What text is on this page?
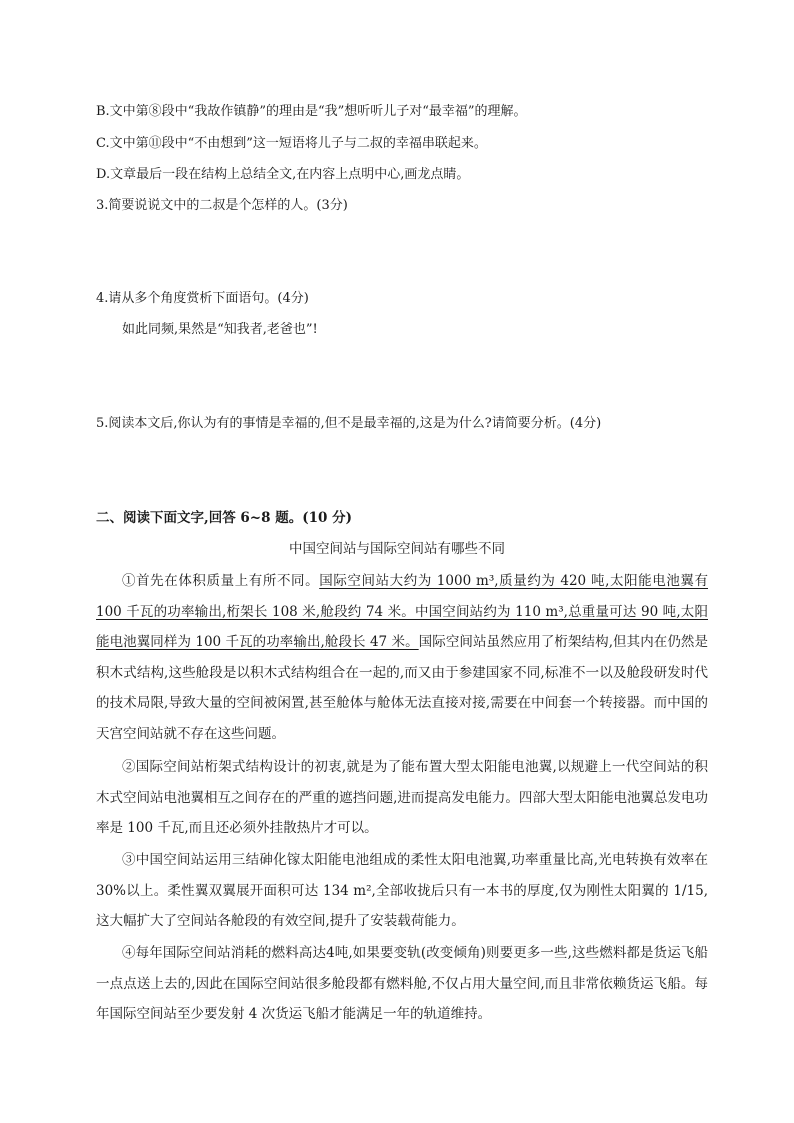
B.文中第⑧段中“我故作镇静”的理由是“我”想听听儿子对“最幸福”的理解。
C.文中第⑪段中“不由想到”这一短语将儿子与二叔的幸福串联起来。
D.文章最后一段在结构上总结全文,在内容上点明中心,画龙点睛。
3.简要说说文中的二叔是个怎样的人。(3分)
4.请从多个角度赏析下面语句。(4分)
如此同频,果然是“知我者,老爸也”!
5.阅读本文后,你认为有的事情是幸福的,但不是最幸福的,这是为什么?请简要分析。(4分)
二、阅读下面文字,回答 6~8 题。(10 分)
中国空间站与国际空间站有哪些不同
①首先在体积质量上有所不同。国际空间站大约为 1000 m³,质量约为 420 吨,太阳能电池翼有 100 千瓦的功率输出,桁架长 108 米,舱段约 74 米。中国空间站约为 110 m³,总重量可达 90 吨,太阳能电池翼同样为 100 千瓦的功率输出,舱段长 47 米。国际空间站虽然应用了桁架结构,但其内在仍然是积木式结构,这些舱段是以积木式结构组合在一起的,而又由于参建国家不同,标准不一以及舱段研发时代的技术局限,导致大量的空间被闲置,甚至舱体与舱体无法直接对接,需要在中间套一个转接器。而中国的天宫空间站就不存在这些问题。
②国际空间站桁架式结构设计的初衷,就是为了能布置大型太阳能电池翼,以规避上一代空间站的积木式空间站电池翼相互之间存在的严重的遮挡问题,进而提高发电能力。四部大型太阳能电池翼总发电功率是 100 千瓦,而且还必须外挂散热片才可以。
③中国空间站运用三结砷化镓太阳能电池组成的柔性太阳电池翼,功率重量比高,光电转换有效率在 30%以上。柔性翼双翼展开面积可达 134 m²,全部收拢后只有一本书的厚度,仅为刚性太阳翼的 1/15,这大幅扩大了空间站各舱段的有效空间,提升了安装载荷能力。
④每年国际空间站消耗的燃料高达4吨,如果要变轨(改变倾角)则要更多一些,这些燃料都是货运飞船一点点送上去的,因此在国际空间站很多舱段都有燃料舱,不仅占用大量空间,而且非常依赖货运飞船。每年国际空间站至少要发射 4 次货运飞船才能满足一年的轨道维持。
